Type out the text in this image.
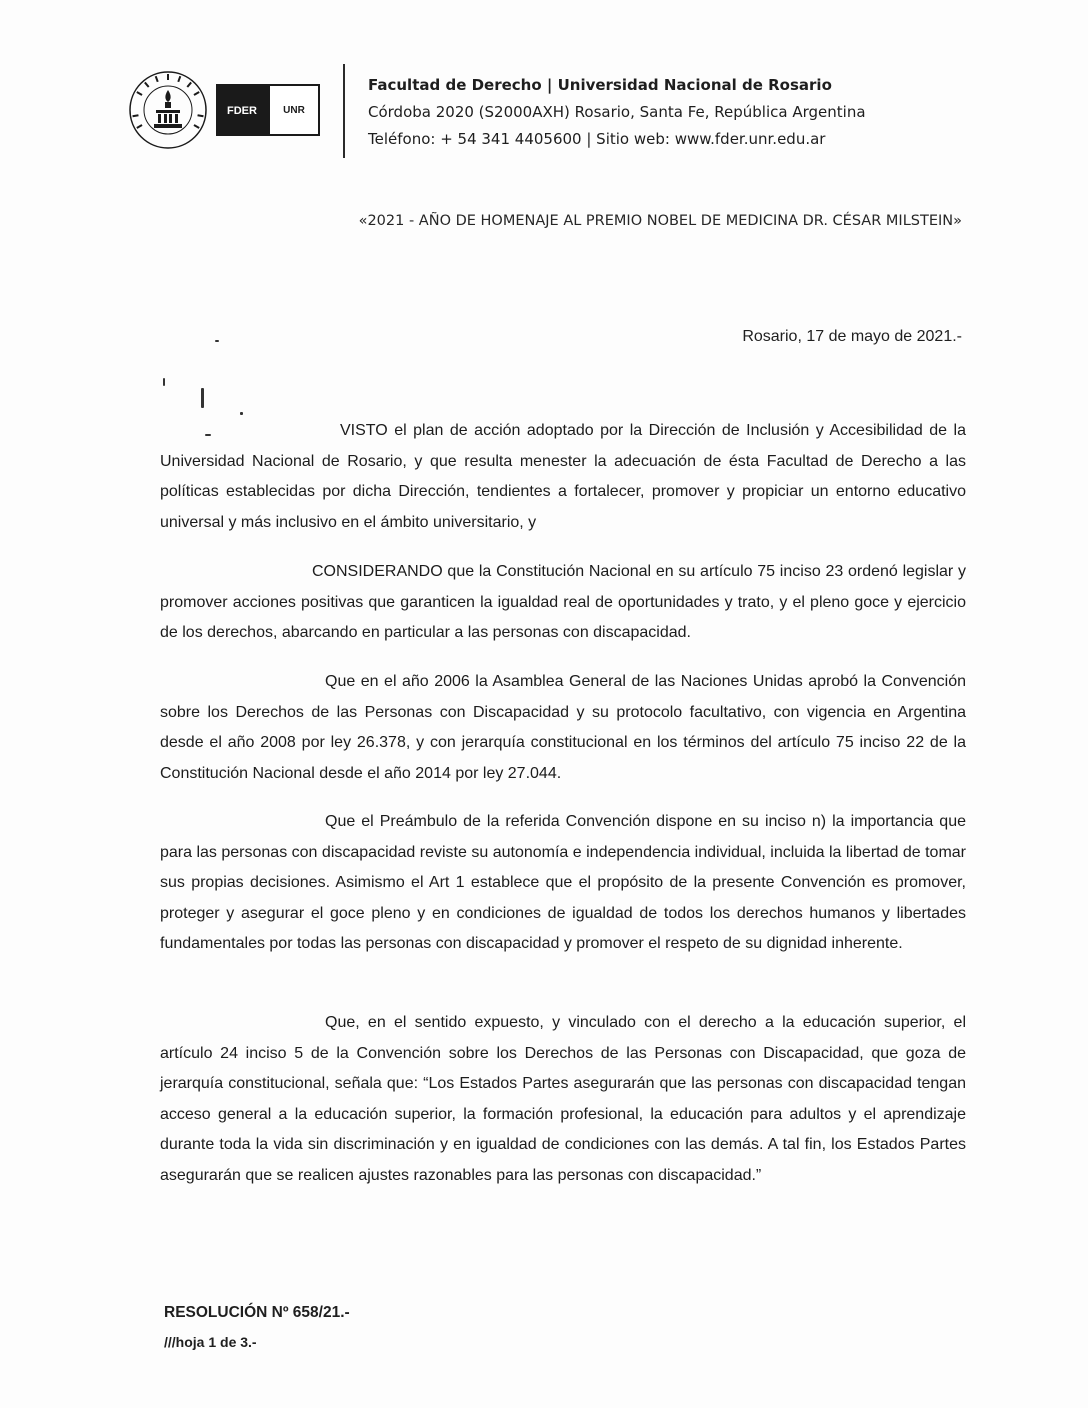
FDER	UNR
Facultad de Derecho | Universidad Nacional de Rosario
Córdoba 2020 (S2000AXH) Rosario, Santa Fe, República Argentina
Teléfono: + 54 341 4405600 | Sitio web: www.fder.unr.edu.ar
«2021 - AÑO DE HOMENAJE AL PREMIO NOBEL DE MEDICINA DR. CÉSAR MILSTEIN»
Rosario, 17 de mayo de 2021.-

VISTO el plan de acción adoptado por la Dirección de Inclusión y Accesibilidad de la Universidad Nacional de Rosario, y que resulta menester la adecuación de ésta Facultad de Derecho a las políticas establecidas por dicha Dirección, tendientes a fortalecer, promover y propiciar un entorno educativo universal y más inclusivo en el ámbito universitario, y

CONSIDERANDO que la Constitución Nacional en su artículo 75 inciso 23 ordenó legislar y promover acciones positivas que garanticen la igualdad real de oportunidades y trato, y el pleno goce y ejercicio de los derechos, abarcando en particular a las personas con discapacidad.

Que en el año 2006 la Asamblea General de las Naciones Unidas aprobó la Convención sobre los Derechos de las Personas con Discapacidad y su protocolo facultativo, con vigencia en Argentina desde el año 2008 por ley 26.378, y con jerarquía constitucional en los términos del artículo 75 inciso 22 de la Constitución Nacional desde el año 2014 por ley 27.044.

Que el Preámbulo de la referida Convención dispone en su inciso n) la importancia que para las personas con discapacidad reviste su autonomía e independencia individual, incluida la libertad de tomar sus propias decisiones. Asimismo el Art 1 establece que el propósito de la presente Convención es promover, proteger y asegurar el goce pleno y en condiciones de igualdad de todos los derechos humanos y libertades fundamentales por todas las personas con discapacidad y promover el respeto de su dignidad inherente.

Que, en el sentido expuesto, y vinculado con el derecho a la educación superior, el artículo 24 inciso 5 de la Convención sobre los Derechos de las Personas con Discapacidad, que goza de jerarquía constitucional, señala que: “Los Estados Partes asegurarán que las personas con discapacidad tengan acceso general a la educación superior, la formación profesional, la educación para adultos y el aprendizaje durante toda la vida sin discriminación y en igualdad de condiciones con las demás. A tal fin, los Estados Partes asegurarán que se realicen ajustes razonables para las personas con discapacidad.”

RESOLUCIÓN Nº 658/21.-
///hoja 1 de 3.-
